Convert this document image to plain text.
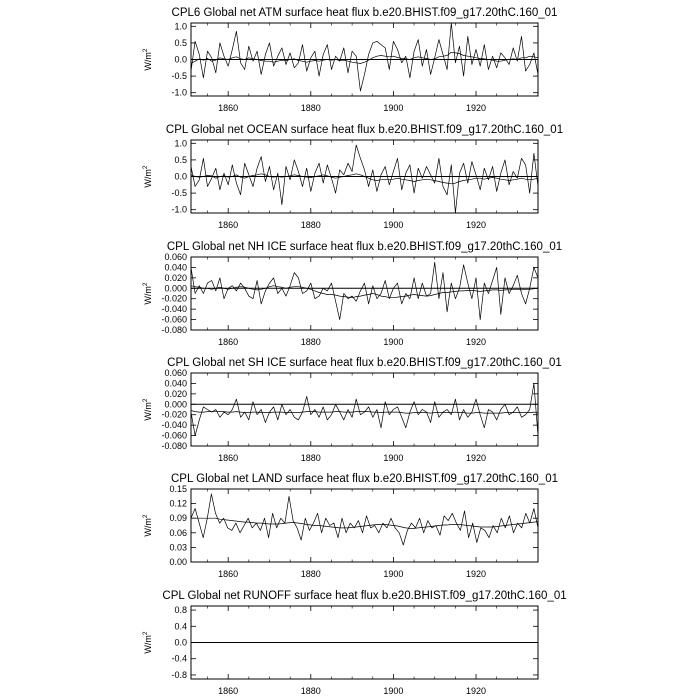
CPL6 Global net ATM surface heat flux b.e20.BHIST.f09_g17.20thC.160_01
1860	1880	1900	1920
-1.0
-0.5
0.0
0.5
1.0
$W/m^2$
CPL Global net OCEAN surface heat flux b.e20.BHIST.f09_g17.20thC.160_01
1860	1880	1900	1920
-1.0
-0.5
0.0
0.5
1.0
$W/m^2$
CPL Global net NH ICE surface heat flux b.e20.BHIST.f09_g17.20thC.160_01
1860	1880	1900	1920
-0.080
-0.060
-0.040
-0.020
0.000
0.020
0.040
0.060
$W/m^2$
CPL Global net SH ICE surface heat flux b.e20.BHIST.f09_g17.20thC.160_01
1860	1880	1900	1920
-0.080
-0.060
-0.040
-0.020
0.000
0.020
0.040
0.060
$W/m^2$
CPL Global net LAND surface heat flux b.e20.BHIST.f09_g17.20thC.160_01
1860	1880	1900	1920
0.00
0.03
0.06
0.09
0.12
0.15
$W/m^2$
CPL Global net RUNOFF surface heat flux b.e20.BHIST.f09_g17.20thC.160_01
1860	1880	1900	1920
-0.8
-0.4
0.0
0.4
0.8
$W/m^2$
